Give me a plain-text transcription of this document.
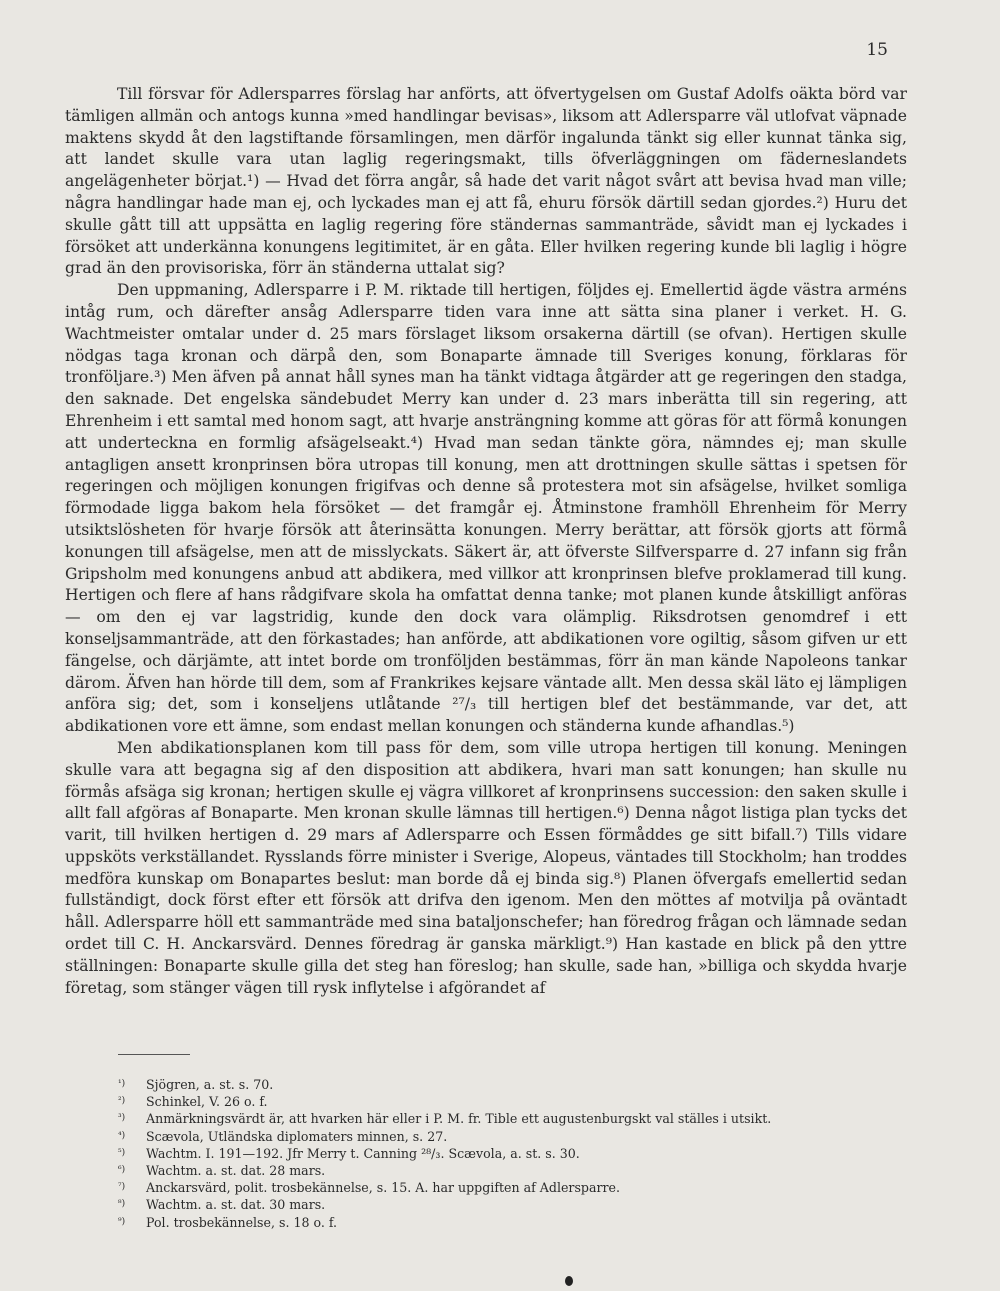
15

Till försvar för Adlersparres förslag har anförts, att öfvertygelsen om Gustaf Adolfs oäkta börd var tämligen allmän och antogs kunna »med handlingar bevisas», liksom att Adlersparre väl utlofvat väpnade maktens skydd åt den lagstiftande församlingen, men därför ingalunda tänkt sig eller kunnat tänka sig, att landet skulle vara utan laglig regeringsmakt, tills öfverläggningen om fäderneslandets angelägenheter börjat.¹) — Hvad det förra angår, så hade det varit något svårt att bevisa hvad man ville; några handlingar hade man ej, och lyckades man ej att få, ehuru försök därtill sedan gjordes.²) Huru det skulle gått till att uppsätta en laglig regering före ständernas sammanträde, såvidt man ej lyckades i försöket att underkänna konungens legitimitet, är en gåta. Eller hvilken regering kunde bli laglig i högre grad än den provisoriska, förr än ständerna uttalat sig?

Den uppmaning, Adlersparre i P. M. riktade till hertigen, följdes ej. Emellertid ägde västra arméns intåg rum, och därefter ansåg Adlersparre tiden vara inne att sätta sina planer i verket. H. G. Wachtmeister omtalar under d. 25 mars förslaget liksom orsakerna därtill (se ofvan). Hertigen skulle nödgas taga kronan och därpå den, som Bonaparte ämnade till Sveriges konung, förklaras för tronföljare.³) Men äfven på annat håll synes man ha tänkt vidtaga åtgärder att ge regeringen den stadga, den saknade. Det engelska sändebudet Merry kan under d. 23 mars inberätta till sin regering, att Ehrenheim i ett samtal med honom sagt, att hvarje ansträngning komme att göras för att förmå konungen att underteckna en formlig afsägelseakt.⁴) Hvad man sedan tänkte göra, nämndes ej; man skulle antagligen ansett kronprinsen böra utropas till konung, men att drottningen skulle sättas i spetsen för regeringen och möjligen konungen frigifvas och denne så protestera mot sin afsägelse, hvilket somliga förmodade ligga bakom hela försöket — det framgår ej. Åtminstone framhöll Ehrenheim för Merry utsiktslösheten för hvarje försök att återinsätta konungen. Merry berättar, att försök gjorts att förmå konungen till afsägelse, men att de misslyckats. Säkert är, att öfverste Silfversparre d. 27 infann sig från Gripsholm med konungens anbud att abdikera, med villkor att kronprinsen blefve proklamerad till kung. Hertigen och flere af hans rådgifvare skola ha omfattat denna tanke; mot planen kunde åtskilligt anföras — om den ej var lagstridig, kunde den dock vara olämplig. Riksdrotsen genomdref i ett konseljsammanträde, att den förkastades; han anförde, att abdikationen vore ogiltig, såsom gifven ur ett fängelse, och därjämte, att intet borde om tronföljden bestämmas, förr än man kände Napoleons tankar därom. Äfven han hörde till dem, som af Frankrikes kejsare väntade allt. Men dessa skäl läto ej lämpligen anföra sig; det, som i konseljens utlåtande ²⁷/₃ till hertigen blef det bestämmande, var det, att abdikationen vore ett ämne, som endast mellan konungen och ständerna kunde afhandlas.⁵)

Men abdikationsplanen kom till pass för dem, som ville utropa hertigen till konung. Meningen skulle vara att begagna sig af den disposition att abdikera, hvari man satt konungen; han skulle nu förmås afsäga sig kronan; hertigen skulle ej vägra villkoret af kronprinsens succession: den saken skulle i allt fall afgöras af Bonaparte. Men kronan skulle lämnas till hertigen.⁶) Denna något listiga plan tycks det varit, till hvilken hertigen d. 29 mars af Adlersparre och Essen förmåddes ge sitt bifall.⁷) Tills vidare uppsköts verkställandet. Rysslands förre minister i Sverige, Alopeus, väntades till Stockholm; han troddes medföra kunskap om Bonapartes beslut: man borde då ej binda sig.⁸) Planen öfvergafs emellertid sedan fullständigt, dock först efter ett försök att drifva den igenom. Men den möttes af motvilja på oväntadt håll. Adlersparre höll ett sammanträde med sina bataljonschefer; han föredrog frågan och lämnade sedan ordet till C. H. Anckarsvärd. Dennes föredrag är ganska märkligt.⁹) Han kastade en blick på den yttre ställningen: Bonaparte skulle gilla det steg han föreslog; han skulle, sade han, »billiga och skydda hvarje företag, som stänger vägen till rysk inflytelse i afgörandet af

¹)	Sjögren, a. st. s. 70.
²)	Schinkel, V. 26 o. f.
³)	Anmärkningsvärdt är, att hvarken här eller i P. M. fr. Tible ett augustenburgskt val ställes i utsikt.
⁴)	Scævola, Utländska diplomaters minnen, s. 27.
⁵)	Wachtm. I. 191—192. Jfr Merry t. Canning ²⁸/₃. Scævola, a. st. s. 30.
⁶)	Wachtm. a. st. dat. 28 mars.
⁷)	Anckarsvärd, polit. trosbekännelse, s. 15. A. har uppgiften af Adlersparre.
⁸)	Wachtm. a. st. dat. 30 mars.
⁹)	Pol. trosbekännelse, s. 18 o. f.
